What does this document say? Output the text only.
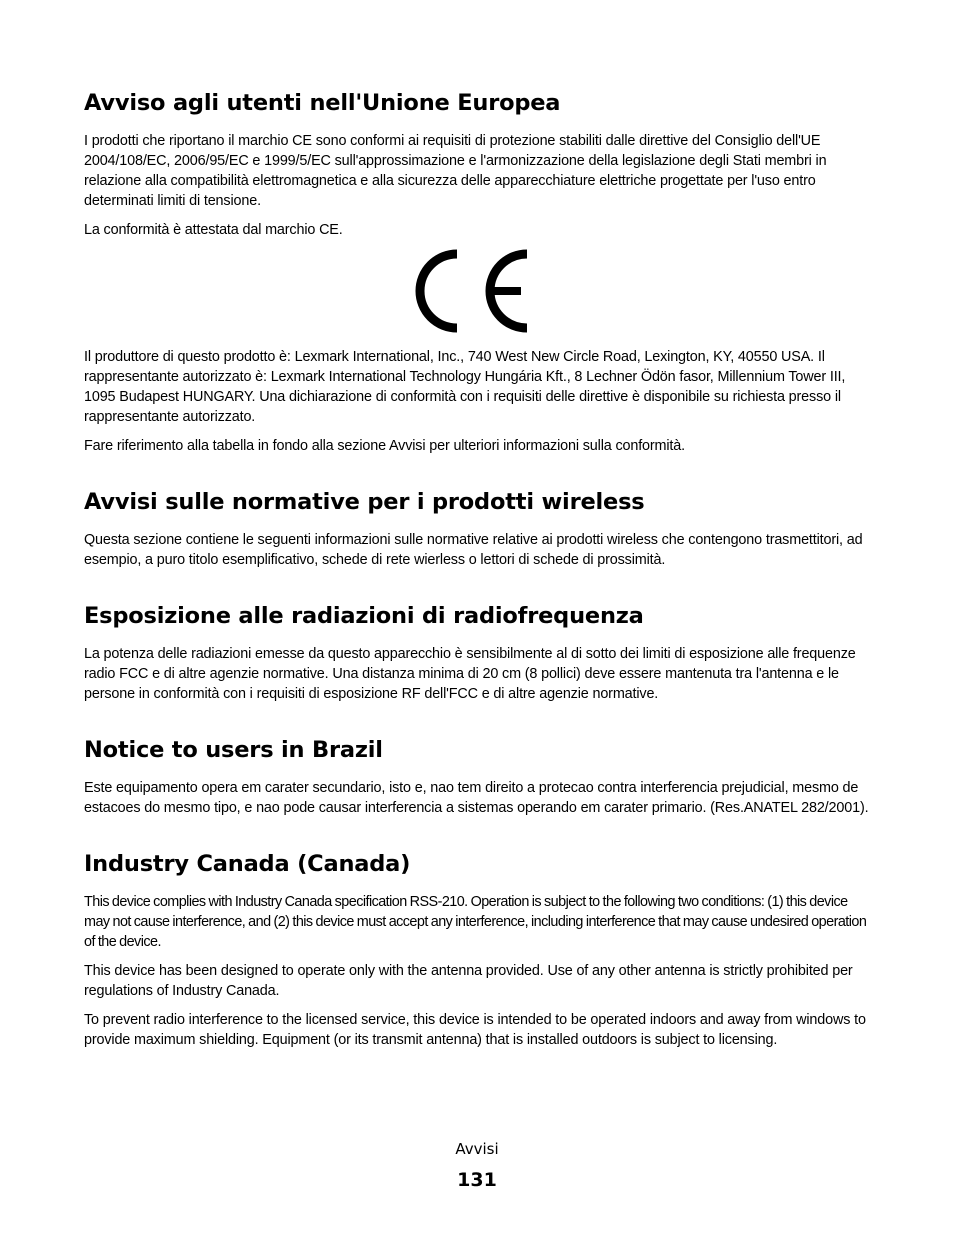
Avviso agli utenti nell'Unione Europea

I prodotti che riportano il marchio CE sono conformi ai requisiti di protezione stabiliti dalle direttive del Consiglio dell'UE 2004/108/EC, 2006/95/EC e 1999/5/EC sull'approssimazione e l'armonizzazione della legislazione degli Stati membri in relazione alla compatibilità elettromagnetica e alla sicurezza delle apparecchiature elettriche progettate per l'uso entro determinati limiti di tensione.

La conformità è attestata dal marchio CE.

Il produttore di questo prodotto è: Lexmark International, Inc., 740 West New Circle Road, Lexington, KY, 40550 USA. Il rappresentante autorizzato è: Lexmark International Technology Hungária Kft., 8 Lechner Ödön fasor, Millennium Tower III, 1095 Budapest HUNGARY. Una dichiarazione di conformità con i requisiti delle direttive è disponibile su richiesta presso il rappresentante autorizzato.

Fare riferimento alla tabella in fondo alla sezione Avvisi per ulteriori informazioni sulla conformità.

Avvisi sulle normative per i prodotti wireless

Questa sezione contiene le seguenti informazioni sulle normative relative ai prodotti wireless che contengono trasmettitori, ad esempio, a puro titolo esemplificativo, schede di rete wierless o lettori di schede di prossimità.

Esposizione alle radiazioni di radiofrequenza

La potenza delle radiazioni emesse da questo apparecchio è sensibilmente al di sotto dei limiti di esposizione alle frequenze radio FCC e di altre agenzie normative. Una distanza minima di 20 cm (8 pollici) deve essere mantenuta tra l'antenna e le persone in conformità con i requisiti di esposizione RF dell'FCC e di altre agenzie normative.

Notice to users in Brazil

Este equipamento opera em carater secundario, isto e, nao tem direito a protecao contra interferencia prejudicial, mesmo de estacoes do mesmo tipo, e nao pode causar interferencia a sistemas operando em carater primario. (Res.ANATEL 282/2001).

Industry Canada (Canada)

This device complies with Industry Canada specification RSS-210. Operation is subject to the following two conditions: (1) this device may not cause interference, and (2) this device must accept any interference, including interference that may cause undesired operation of the device.

This device has been designed to operate only with the antenna provided. Use of any other antenna is strictly prohibited per regulations of Industry Canada.

To prevent radio interference to the licensed service, this device is intended to be operated indoors and away from windows to provide maximum shielding. Equipment (or its transmit antenna) that is installed outdoors is subject to licensing.

Avvisi
131
